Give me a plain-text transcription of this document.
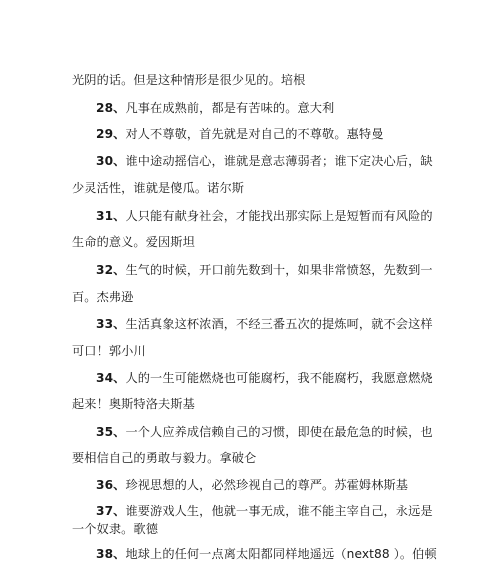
光阴的话。但是这种情形是很少见的。培根
28、凡事在成熟前，都是有苦味的。意大利
29、对人不尊敬，首先就是对自己的不尊敬。惠特曼
30、谁中途动摇信心，谁就是意志薄弱者；谁下定决心后，缺
少灵活性，谁就是傻瓜。诺尔斯
31、人只能有献身社会，才能找出那实际上是短暂而有风险的
生命的意义。爱因斯坦
32、生气的时候，开口前先数到十，如果非常愤怒，先数到一
百。杰弗逊
33、生活真象这杯浓酒，不经三番五次的提炼呵，就不会这样
可口！郭小川
34、人的一生可能燃烧也可能腐朽，我不能腐朽，我愿意燃烧
起来！奥斯特洛夫斯基
35、一个人应养成信赖自己的习惯，即使在最危急的时候，也
要相信自己的勇敢与毅力。拿破仑
36、珍视思想的人，必然珍视自己的尊严。苏霍姆林斯基
37、谁要游戏人生，他就一事无成，谁不能主宰自己，永远是
一个奴隶。歌德
38、地球上的任何一点离太阳都同样地遥远（next88 ）。伯顿
